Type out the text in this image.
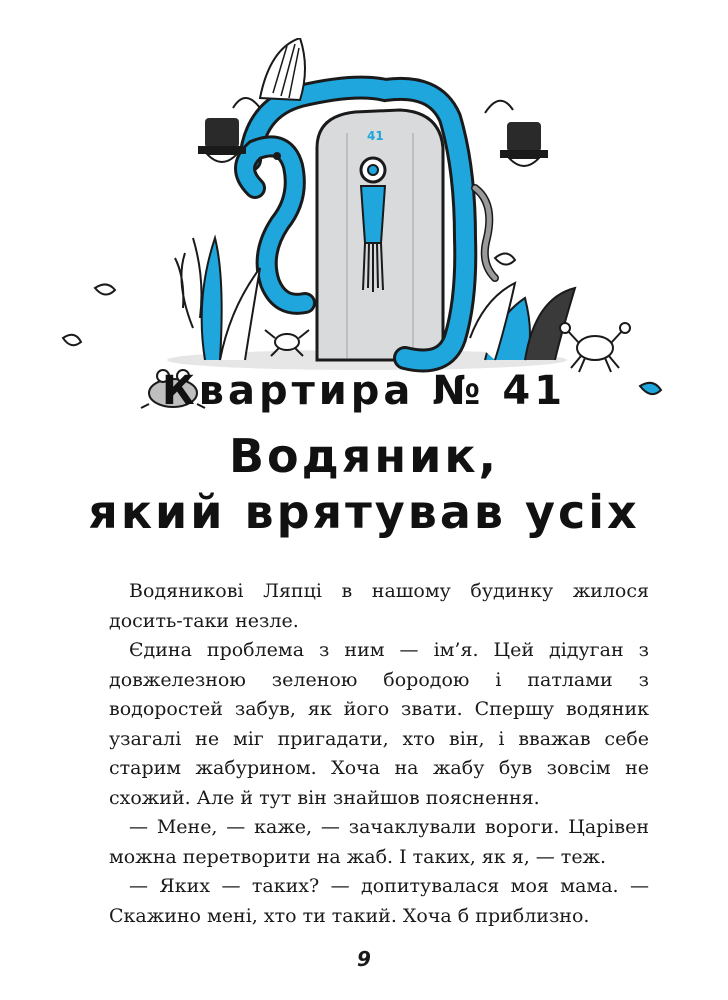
41
Квартира № 41
Водяник,
який врятував усіх

Водяникові Ляпці в нашому будинку жилося досить-таки незле.

Єдина проблема з ним — ім’я. Цей дідуган з довжелезною зеленою бородою і патлами з водоростей забув, як його звати. Спершу водяник узагалі не міг пригадати, хто він, і вважав себе старим жабурином. Хоча на жабу був зовсім не схожий. Але й тут він знайшов пояснення.

— Мене, — каже, — зачаклували вороги. Царівен можна перетворити на жаб. І таких, як я, — теж.

— Яких — таких? — допитувалася моя мама. — Скажино мені, хто ти такий. Хоча б приблизно.

9
